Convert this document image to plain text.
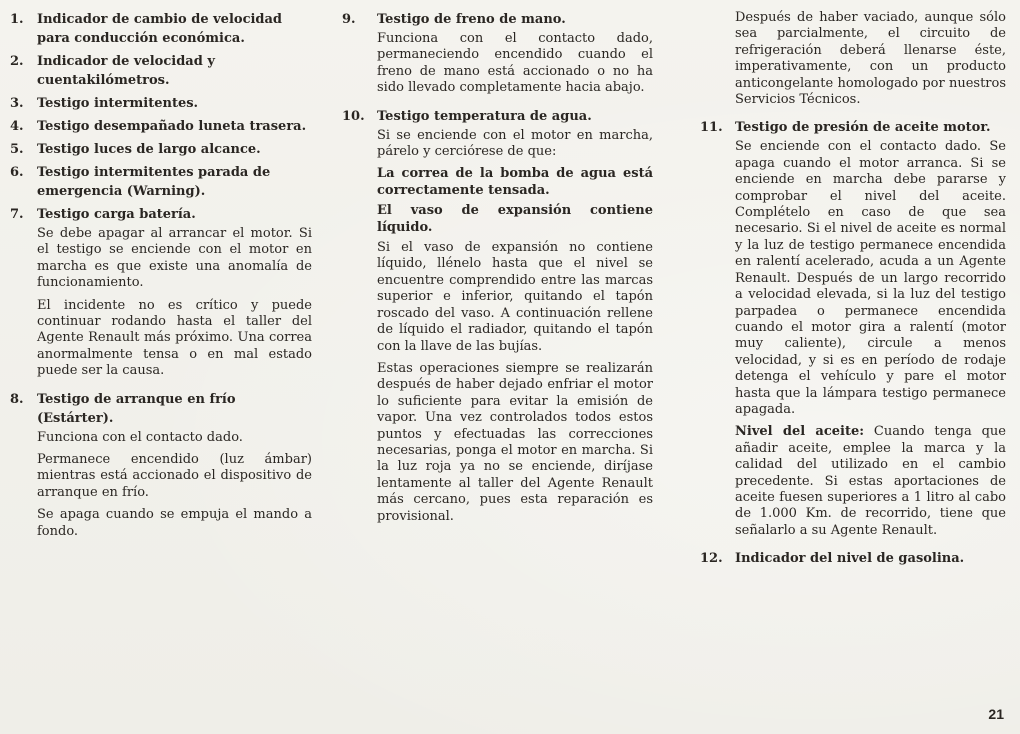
1.	Indicador de cambio de velocidad para conducción económica.

2.	Indicador de velocidad y cuentakilómetros.

3.	Testigo intermitentes.

4.	Testigo desempañado luneta trasera.

5.	Testigo luces de largo alcance.

6.	Testigo intermitentes parada de emergencia (Warning).

7.	Testigo carga batería.

Se debe apagar al arrancar el motor. Si el testigo se enciende con el motor en marcha es que existe una anomalía de funcionamiento.

El incidente no es crítico y puede continuar rodando hasta el taller del Agente Renault más próximo. Una correa anormalmente tensa o en mal estado puede ser la causa.

8.	Testigo de arranque en frío (Estárter).

Funciona con el contacto dado.

Permanece encendido (luz ámbar) mientras está accionado el dispositivo de arranque en frío.

Se apaga cuando se empuja el mando a fondo.

9.	Testigo de freno de mano.

Funciona con el contacto dado, permaneciendo encendido cuando el freno de mano está accionado o no ha sido llevado completamente hacia abajo.

10. Testigo temperatura de agua.

Si se enciende con el motor en marcha, párelo y cerciórese de que:

La correa de la bomba de agua está correctamente tensada.

El vaso de expansión contiene líquido.

Si el vaso de expansión no contiene líquido, llénelo hasta que el nivel se encuentre comprendido entre las marcas superior e inferior, quitando el tapón roscado del vaso. A continuación rellene de líquido el radiador, quitando el tapón con la llave de las bujías.

Estas operaciones siempre se realizarán después de haber dejado enfriar el motor lo suficiente para evitar la emisión de vapor. Una vez controlados todos estos puntos y efectuadas las correcciones necesarias, ponga el motor en marcha. Si la luz roja ya no se enciende, diríjase lentamente al taller del Agente Renault más cercano, pues esta reparación es provisional.

Después de haber vaciado, aunque sólo sea parcialmente, el circuito de refrigeración deberá llenarse éste, imperativamente, con un producto anticongelante homologado por nuestros Servicios Técnicos.

11. Testigo de presión de aceite motor.

Se enciende con el contacto dado. Se apaga cuando el motor arranca. Si se enciende en marcha debe pararse y comprobar el nivel del aceite. Complételo en caso de que sea necesario. Si el nivel de aceite es normal y la luz de testigo permanece encendida en ralentí acelerado, acuda a un Agente Renault. Después de un largo recorrido a velocidad elevada, si la luz del testigo parpadea o permanece encendida cuando el motor gira a ralentí (motor muy caliente), circule a menos velocidad, y si es en período de rodaje detenga el vehículo y pare el motor hasta que la lámpara testigo permanece apagada.

Nivel del aceite: Cuando tenga que añadir aceite, emplee la marca y la calidad del utilizado en el cambio precedente. Si estas aportaciones de aceite fuesen superiores a 1 litro al cabo de 1.000 Km. de recorrido, tiene que señalarlo a su Agente Renault.

12. Indicador del nivel de gasolina.

21
